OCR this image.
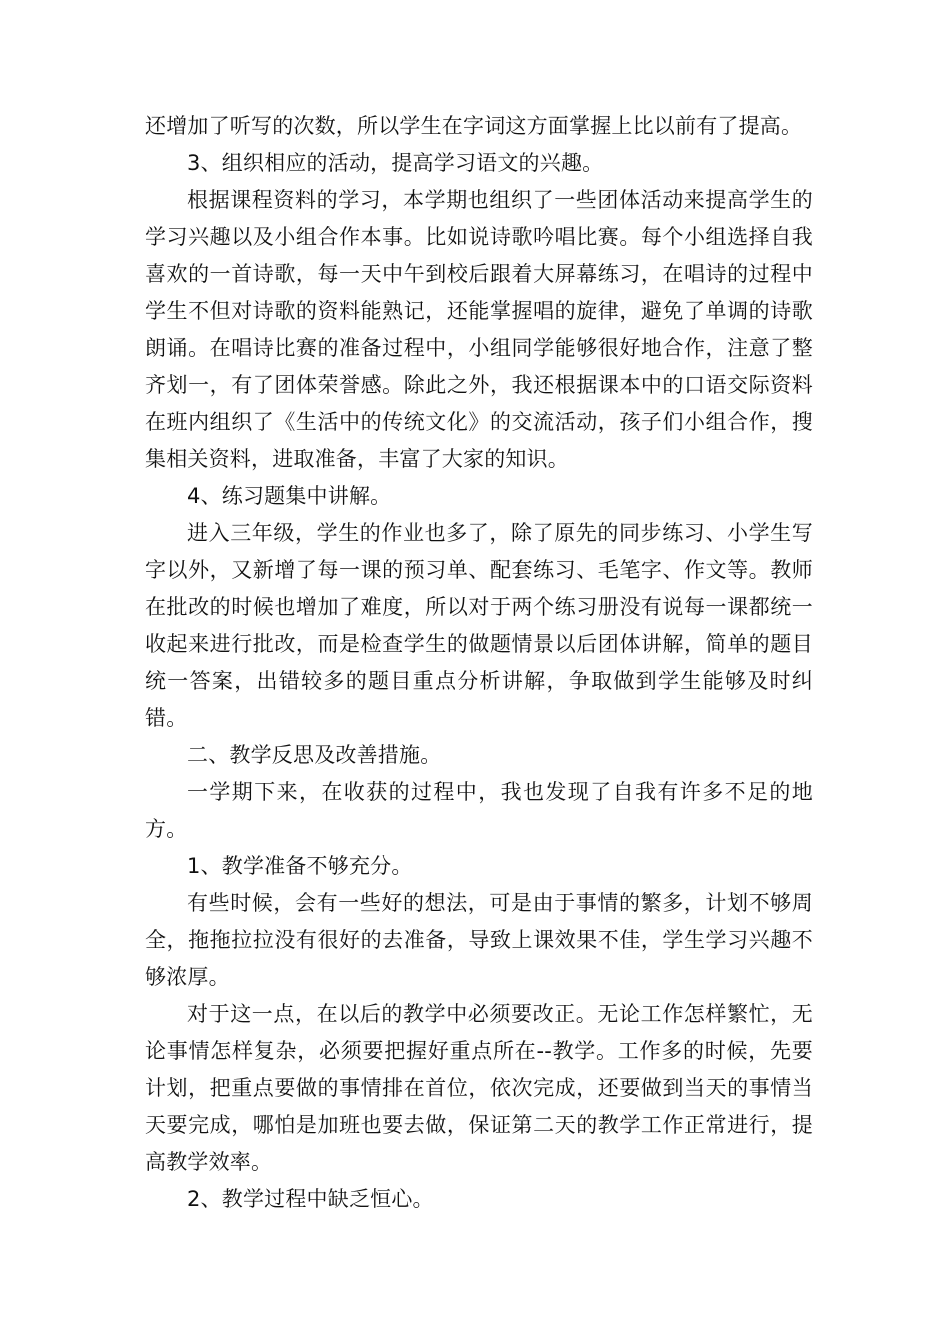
还增加了听写的次数，所以学生在字词这方面掌握上比以前有了提高。

3、组织相应的活动，提高学习语文的兴趣。

根据课程资料的学习，本学期也组织了一些团体活动来提高学生的学习兴趣以及小组合作本事。比如说诗歌吟唱比赛。每个小组选择自我喜欢的一首诗歌，每一天中午到校后跟着大屏幕练习，在唱诗的过程中学生不但对诗歌的资料能熟记，还能掌握唱的旋律，避免了单调的诗歌朗诵。在唱诗比赛的准备过程中，小组同学能够很好地合作，注意了整齐划一，有了团体荣誉感。除此之外，我还根据课本中的口语交际资料在班内组织了《生活中的传统文化》的交流活动，孩子们小组合作，搜集相关资料，进取准备，丰富了大家的知识。

4、练习题集中讲解。

进入三年级，学生的作业也多了，除了原先的同步练习、小学生写字以外，又新增了每一课的预习单、配套练习、毛笔字、作文等。教师在批改的时候也增加了难度，所以对于两个练习册没有说每一课都统一收起来进行批改，而是检查学生的做题情景以后团体讲解，简单的题目统一答案，出错较多的题目重点分析讲解，争取做到学生能够及时纠错。

二、教学反思及改善措施。

一学期下来，在收获的过程中，我也发现了自我有许多不足的地方。

1、教学准备不够充分。

有些时候，会有一些好的想法，可是由于事情的繁多，计划不够周全，拖拖拉拉没有很好的去准备，导致上课效果不佳，学生学习兴趣不够浓厚。

对于这一点，在以后的教学中必须要改正。无论工作怎样繁忙，无论事情怎样复杂，必须要把握好重点所在--教学。工作多的时候，先要计划，把重点要做的事情排在首位，依次完成，还要做到当天的事情当天要完成，哪怕是加班也要去做，保证第二天的教学工作正常进行，提高教学效率。

2、教学过程中缺乏恒心。
